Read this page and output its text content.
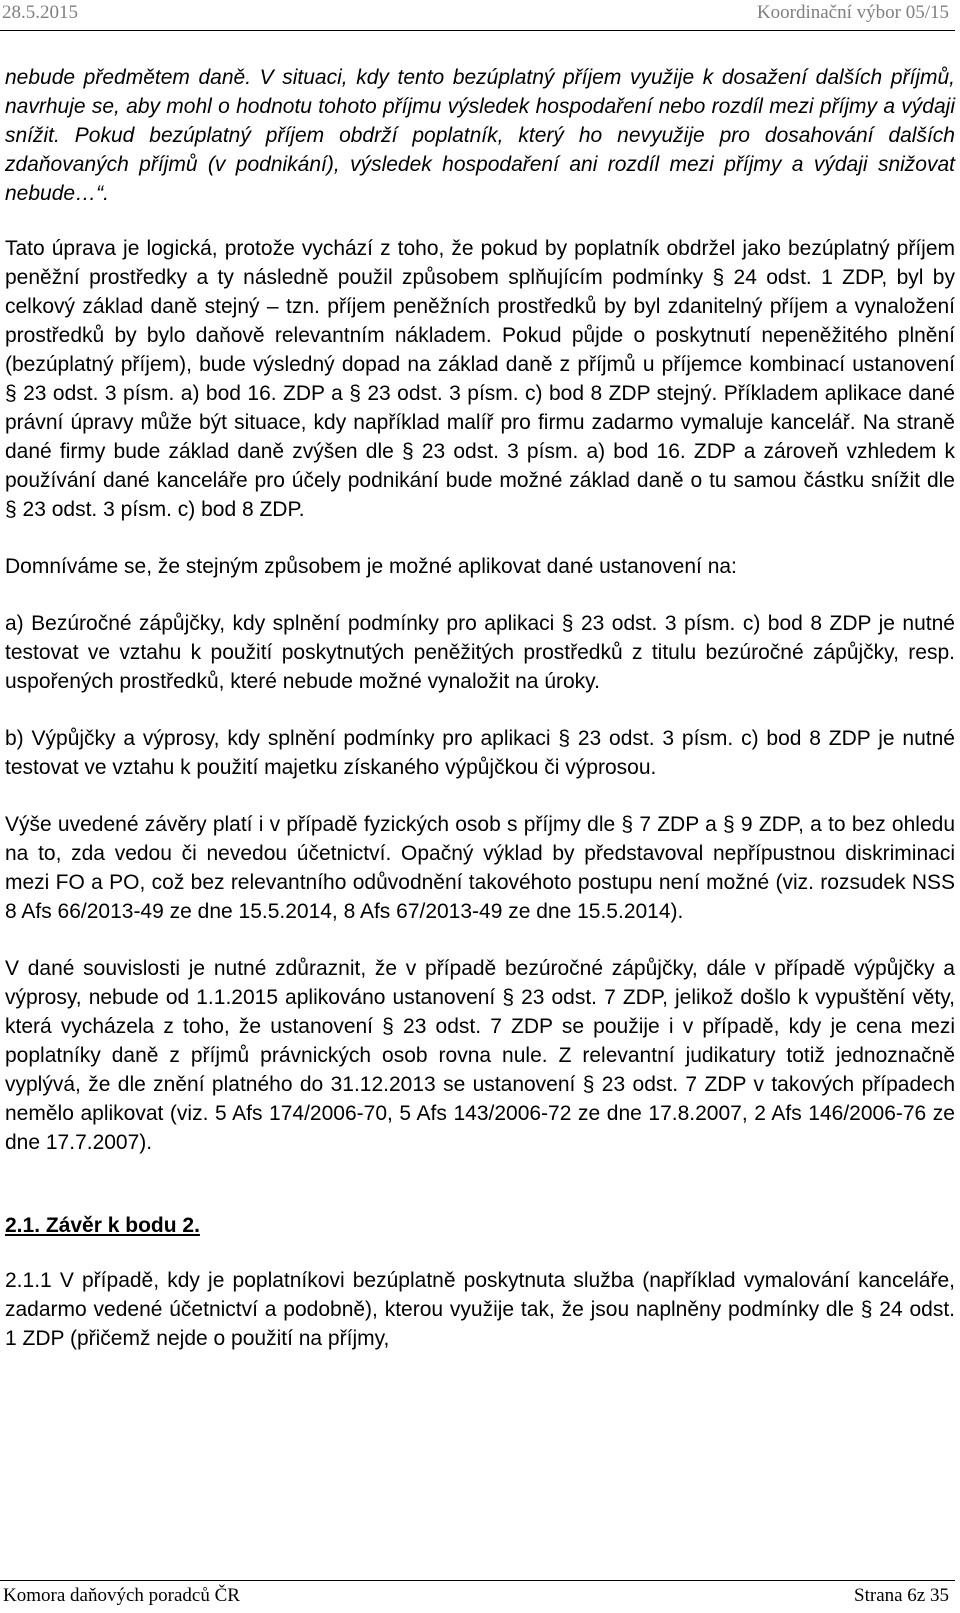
28.5.2015	Koordinační výbor 05/15

nebude předmětem daně. V situaci, kdy tento bezúplatný příjem využije k dosažení dalších příjmů, navrhuje se, aby mohl o hodnotu tohoto příjmu výsledek hospodaření nebo rozdíl mezi příjmy a výdaji snížit. Pokud bezúplatný příjem obdrží poplatník, který ho nevyužije pro dosahování dalších zdaňovaných příjmů (v podnikání), výsledek hospodaření ani rozdíl mezi příjmy a výdaji snižovat nebude…“.

Tato úprava je logická, protože vychází z toho, že pokud by poplatník obdržel jako bezúplatný příjem peněžní prostředky a ty následně použil způsobem splňujícím podmínky § 24 odst. 1 ZDP, byl by celkový základ daně stejný – tzn. příjem peněžních prostředků by byl zdanitelný příjem a vynaložení prostředků by bylo daňově relevantním nákladem. Pokud půjde o poskytnutí nepeněžitého plnění (bezúplatný příjem), bude výsledný dopad na základ daně z příjmů u příjemce kombinací ustanovení § 23 odst. 3 písm. a) bod 16. ZDP a § 23 odst. 3 písm. c) bod 8 ZDP stejný. Příkladem aplikace dané právní úpravy může být situace, kdy například malíř pro firmu zadarmo vymaluje kancelář. Na straně dané firmy bude základ daně zvýšen dle § 23 odst. 3 písm. a) bod 16. ZDP a zároveň vzhledem k používání dané kanceláře pro účely podnikání bude možné základ daně o tu samou částku snížit dle § 23 odst. 3 písm. c) bod 8 ZDP.

Domníváme se, že stejným způsobem je možné aplikovat dané ustanovení na:

a) Bezúročné zápůjčky, kdy splnění podmínky pro aplikaci § 23 odst. 3 písm. c) bod 8 ZDP je nutné testovat ve vztahu k použití poskytnutých peněžitých prostředků z titulu bezúročné zápůjčky, resp. uspořených prostředků, které nebude možné vynaložit na úroky.

b) Výpůjčky a výprosy, kdy splnění podmínky pro aplikaci § 23 odst. 3 písm. c) bod 8 ZDP je nutné testovat ve vztahu k použití majetku získaného výpůjčkou či výprosou.

Výše uvedené závěry platí i v případě fyzických osob s příjmy dle § 7 ZDP a § 9 ZDP, a to bez ohledu na to, zda vedou či nevedou účetnictví. Opačný výklad by představoval nepřípustnou diskriminaci mezi FO a PO, což bez relevantního odůvodnění takovéhoto postupu není možné (viz. rozsudek NSS 8 Afs 66/2013-49 ze dne 15.5.2014, 8 Afs 67/2013-49 ze dne 15.5.2014).

V dané souvislosti je nutné zdůraznit, že v případě bezúročné zápůjčky, dále v případě výpůjčky a výprosy, nebude od 1.1.2015 aplikováno ustanovení § 23 odst. 7 ZDP, jelikož došlo k vypuštění věty, která vycházela z toho, že ustanovení § 23 odst. 7 ZDP se použije i v případě, kdy je cena mezi poplatníky daně z příjmů právnických osob rovna nule. Z relevantní judikatury totiž jednoznačně vyplývá, že dle znění platného do 31.12.2013 se ustanovení § 23 odst. 7 ZDP v takových případech nemělo aplikovat (viz. 5 Afs 174/2006-70, 5 Afs 143/2006-72 ze dne 17.8.2007, 2 Afs 146/2006-76 ze dne 17.7.2007).

2.1. Závěr k bodu 2.

2.1.1 V případě, kdy je poplatníkovi bezúplatně poskytnuta služba (například vymalování kanceláře, zadarmo vedené účetnictví a podobně), kterou využije tak, že jsou naplněny podmínky dle § 24 odst. 1 ZDP (přičemž nejde o použití na příjmy,

Komora daňových poradců ČR	Strana 6z 35
